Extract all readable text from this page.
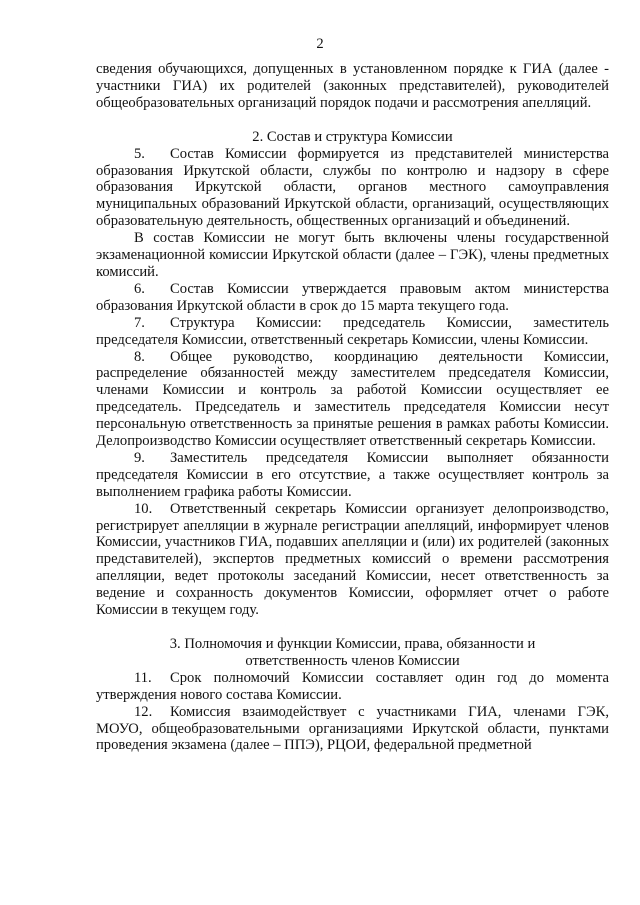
2

сведения обучающихся, допущенных в установленном порядке к ГИА (далее - участники ГИА) их родителей (законных представителей), руководителей общеобразовательных организаций порядок подачи и рассмотрения апелляций.

2. Состав и структура Комиссии

5. Состав Комиссии формируется из представителей министерства образования Иркутской области, службы по контролю и надзору в сфере образования Иркутской области, органов местного самоуправления муниципальных образований Иркутской области, организаций, осуществляющих образовательную деятельность, общественных организаций и объединений.

В состав Комиссии не могут быть включены члены государственной экзаменационной комиссии Иркутской области (далее – ГЭК), члены предметных комиссий.

6. Состав Комиссии утверждается правовым актом министерства образования Иркутской области в срок до 15 марта текущего года.

7. Структура Комиссии: председатель Комиссии, заместитель председателя Комиссии, ответственный секретарь Комиссии, члены Комиссии.

8. Общее руководство, координацию деятельности Комиссии, распределение обязанностей между заместителем председателя Комиссии, членами Комиссии и контроль за работой Комиссии осуществляет ее председатель. Председатель и заместитель председателя Комиссии несут персональную ответственность за принятые решения в рамках работы Комиссии. Делопроизводство Комиссии осуществляет ответственный секретарь Комиссии.

9. Заместитель председателя Комиссии выполняет обязанности председателя Комиссии в его отсутствие, а также осуществляет контроль за выполнением графика работы Комиссии.

10. Ответственный секретарь Комиссии организует делопроизводство, регистрирует апелляции в журнале регистрации апелляций, информирует членов Комиссии, участников ГИА, подавших апелляции и (или) их родителей (законных представителей), экспертов предметных комиссий о времени рассмотрения апелляции, ведет протоколы заседаний Комиссии, несет ответственность за ведение и сохранность документов Комиссии, оформляет отчет о работе Комиссии в текущем году.

3. Полномочия и функции Комиссии, права, обязанности и

ответственность членов Комиссии

11. Срок полномочий Комиссии составляет один год до момента утверждения нового состава Комиссии.

12. Комиссия взаимодействует с участниками ГИА, членами ГЭК, МОУО, общеобразовательными организациями Иркутской области, пунктами проведения экзамена (далее – ППЭ), РЦОИ, федеральной предметной
